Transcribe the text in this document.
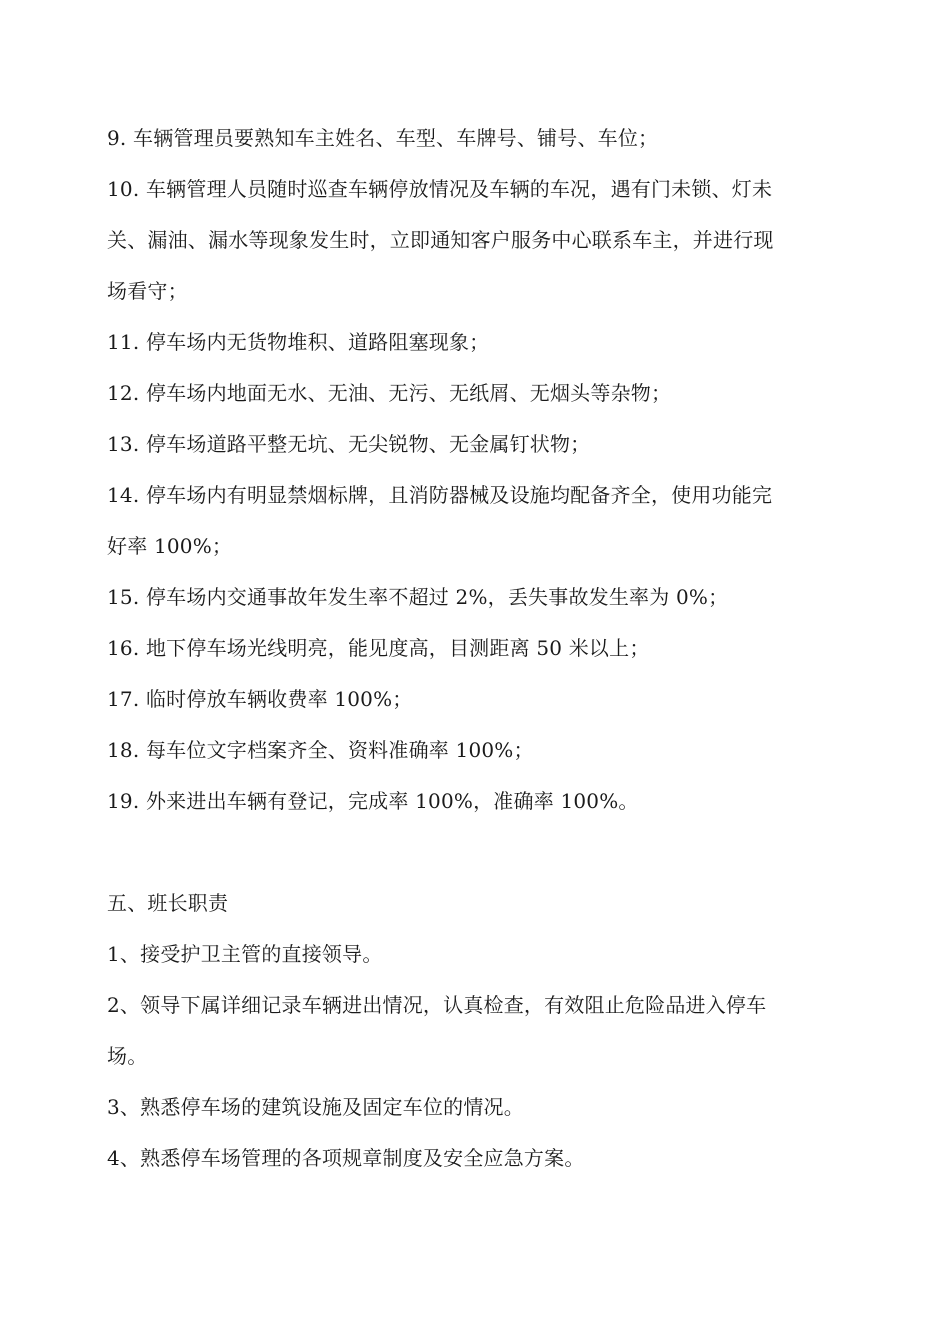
9. 车辆管理员要熟知车主姓名、车型、车牌号、铺号、车位；
10. 车辆管理人员随时巡查车辆停放情况及车辆的车况，遇有门未锁、灯未
关、漏油、漏水等现象发生时，立即通知客户服务中心联系车主，并进行现
场看守；
11. 停车场内无货物堆积、道路阻塞现象；
12. 停车场内地面无水、无油、无污、无纸屑、无烟头等杂物；
13. 停车场道路平整无坑、无尖锐物、无金属钉状物；
14. 停车场内有明显禁烟标牌，且消防器械及设施均配备齐全，使用功能完
好率 100%；
15. 停车场内交通事故年发生率不超过 2%，丢失事故发生率为 0%；
16. 地下停车场光线明亮，能见度高，目测距离 50 米以上；
17. 临时停放车辆收费率 100%；
18. 每车位文字档案齐全、资料准确率 100%；
19. 外来进出车辆有登记，完成率 100%，准确率 100%。
五、班长职责
1、接受护卫主管的直接领导。
2、领导下属详细记录车辆进出情况，认真检查，有效阻止危险品进入停车
场。
3、熟悉停车场的建筑设施及固定车位的情况。
4、熟悉停车场管理的各项规章制度及安全应急方案。
